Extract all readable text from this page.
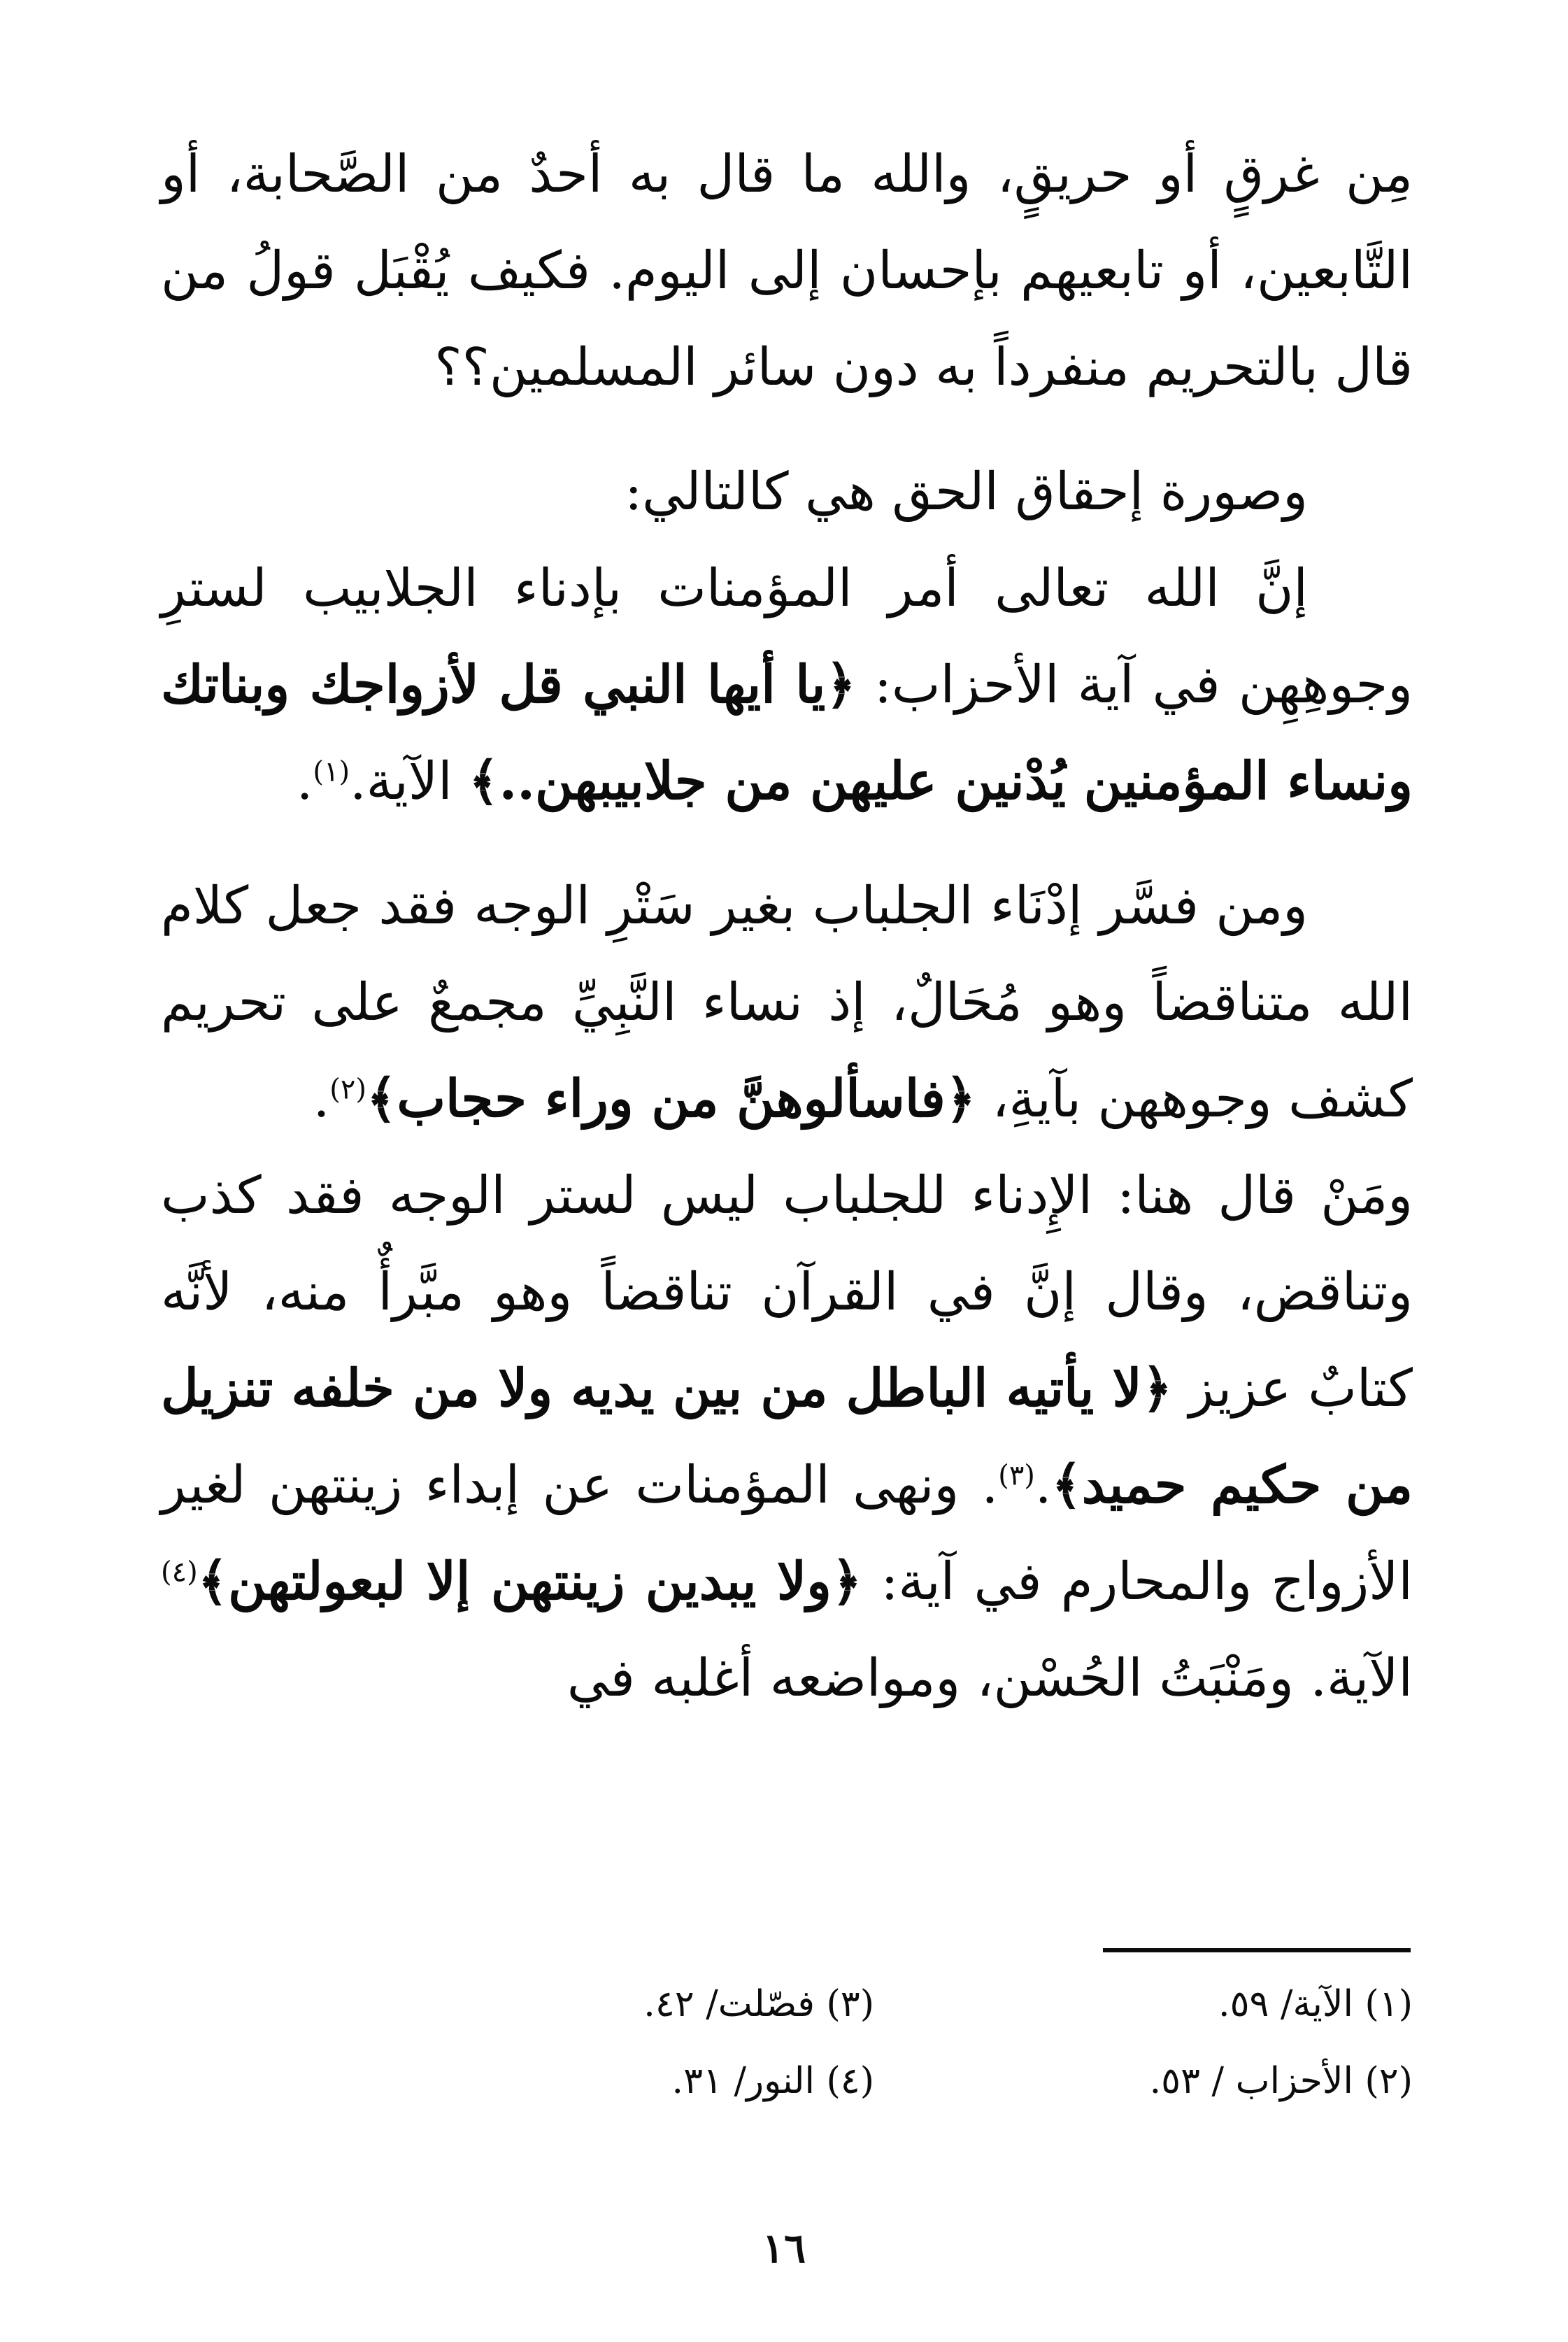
مِن غرقٍ أو حريقٍ، والله ما قال به أحدٌ من الصَّحابة، أو التَّابعين، أو تابعيهم بإحسان إلى اليوم. فكيف يُقْبَل قولُ من قال بالتحريم منفرداً به دون سائر المسلمين؟؟

وصورة إحقاق الحق هي كالتالي:

إنَّ الله تعالى أمر المؤمنات بإدناء الجلابيب لسترِ وجوهِهِن في آية الأحزاب: ﴿يا أيها النبي قل لأزواجك وبناتك ونساء المؤمنين يُدْنين عليهن من جلابيبهن..﴾ الآية.$^{(١)}$.

ومن فسَّر إدْنَاء الجلباب بغير سَتْرِ الوجه فقد جعل كلام الله متناقضاً وهو مُحَالٌ، إذ نساء النَّبِيِّ مجمعٌ على تحريم كشف وجوههن بآيةِ، ﴿فاسألوهنَّ من وراء حجاب﴾$^{(٢)}$.

ومَنْ قال هنا: الإِدناء للجلباب ليس لستر الوجه فقد كذب وتناقض، وقال إنَّ في القرآن تناقضاً وهو مبَّرأٌ منه، لأنَّه كتابٌ عزيز ﴿لا يأتيه الباطل من بين يديه ولا من خلفه تنزيل من حكيم حميد﴾.$^{(٣)}$. ونهى المؤمنات عن إبداء زينتهن لغير الأزواج والمحارم في آية: ﴿ولا يبدين زينتهن إلا لبعولتهن﴾$^{(٤)}$ الآية. ومَنْبَتُ الحُسْن، ومواضعه أغلبه في

(١) الآية/ ٥٩.
(٣) فصّلت/ ٤٢.
(٢) الأحزاب / ٥٣.
(٤) النور/ ٣١.
١٦
